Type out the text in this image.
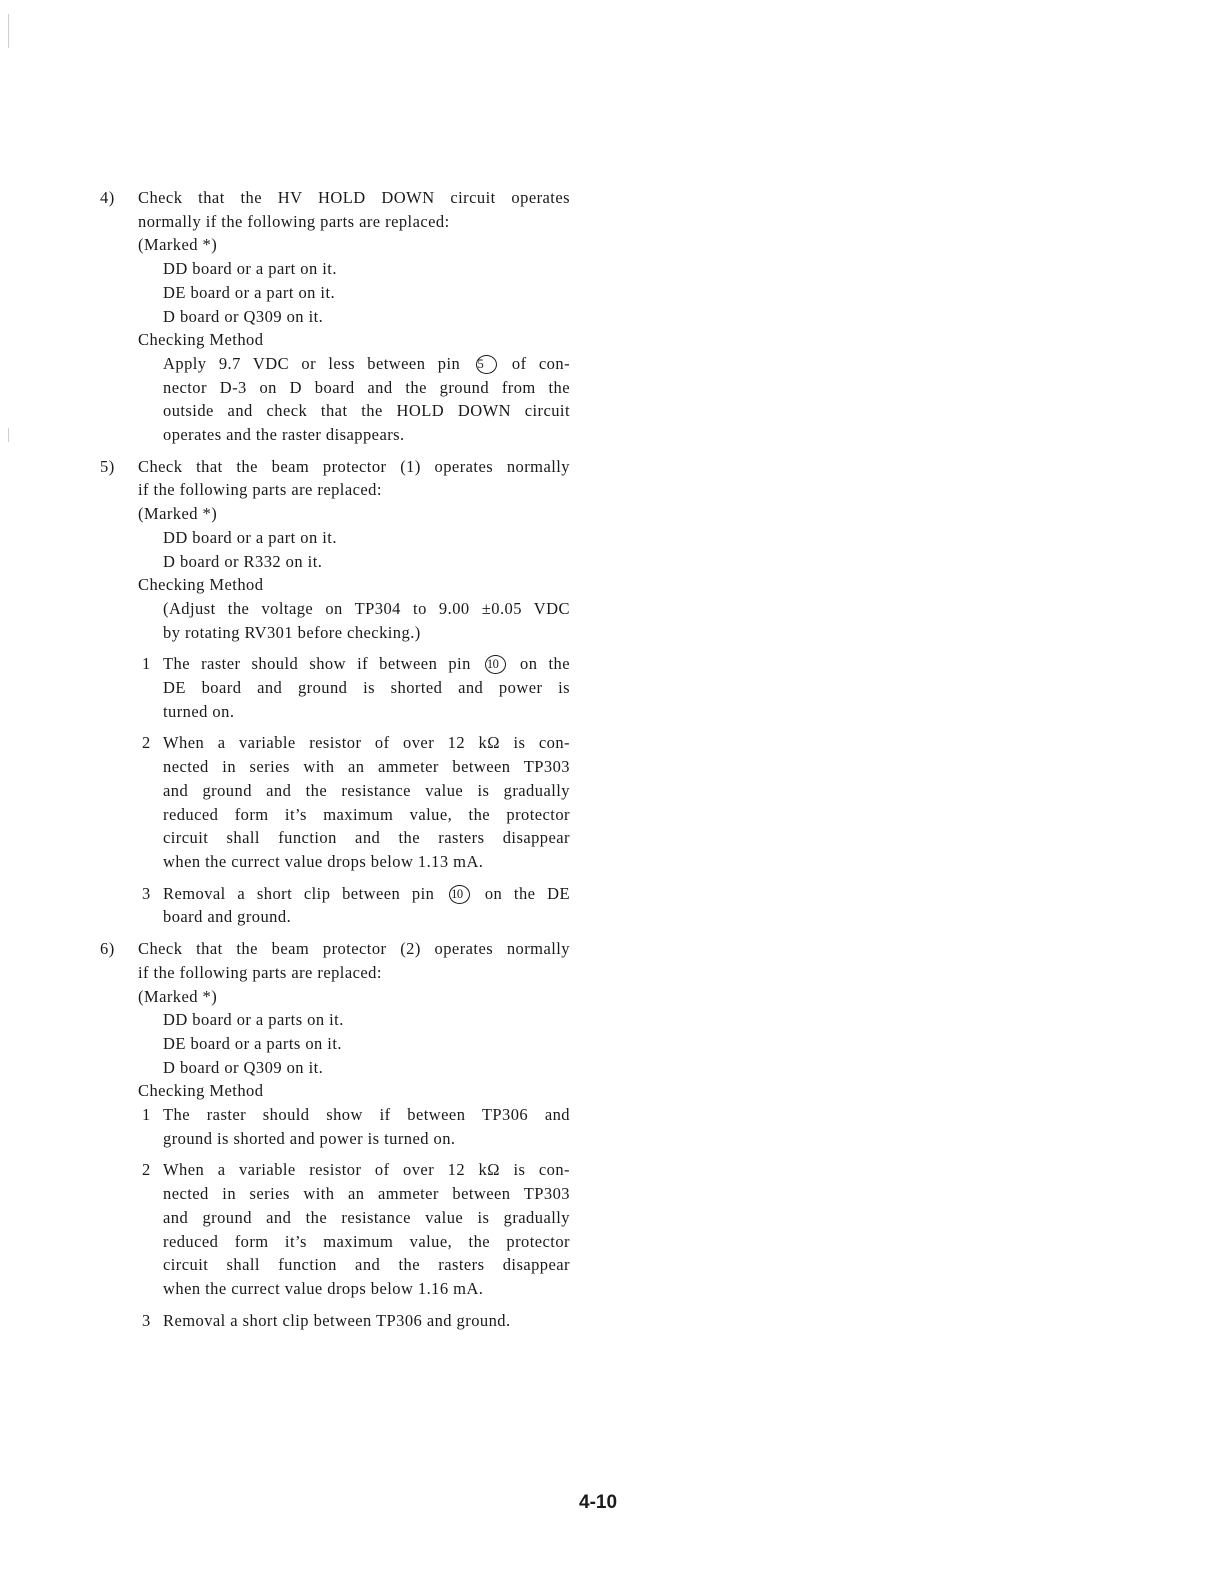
4) Check that the HV HOLD DOWN circuit operates
normally if the following parts are replaced:
(Marked *)
DD board or a part on it.
DE board or a part on it.
D board or Q309 on it.
Checking Method
Apply 9.7 VDC or less between pin 5 of con-
nector D-3 on D board and the ground from the
outside and check that the HOLD DOWN circuit
operates and the raster disappears.
5) Check that the beam protector (1) operates normally
if the following parts are replaced:
(Marked *)
DD board or a part on it.
D board or R332 on it.
Checking Method
(Adjust the voltage on TP304 to 9.00 ±0.05 VDC
by rotating RV301 before checking.)
1 The raster should show if between pin 10 on the
DE board and ground is shorted and power is
turned on.
2 When a variable resistor of over 12 kΩ is con-
nected in series with an ammeter between TP303
and ground and the resistance value is gradually
reduced form it’s maximum value, the protector
circuit shall function and the rasters disappear
when the currect value drops below 1.13 mA.
3 Removal a short clip between pin 10 on the DE
board and ground.
6) Check that the beam protector (2) operates normally
if the following parts are replaced:
(Marked *)
DD board or a parts on it.
DE board or a parts on it.
D board or Q309 on it.
Checking Method
1 The raster should show if between TP306 and
ground is shorted and power is turned on.
2 When a variable resistor of over 12 kΩ is con-
nected in series with an ammeter between TP303
and ground and the resistance value is gradually
reduced form it’s maximum value, the protector
circuit shall function and the rasters disappear
when the currect value drops below 1.16 mA.
3 Removal a short clip between TP306 and ground.
4-10
